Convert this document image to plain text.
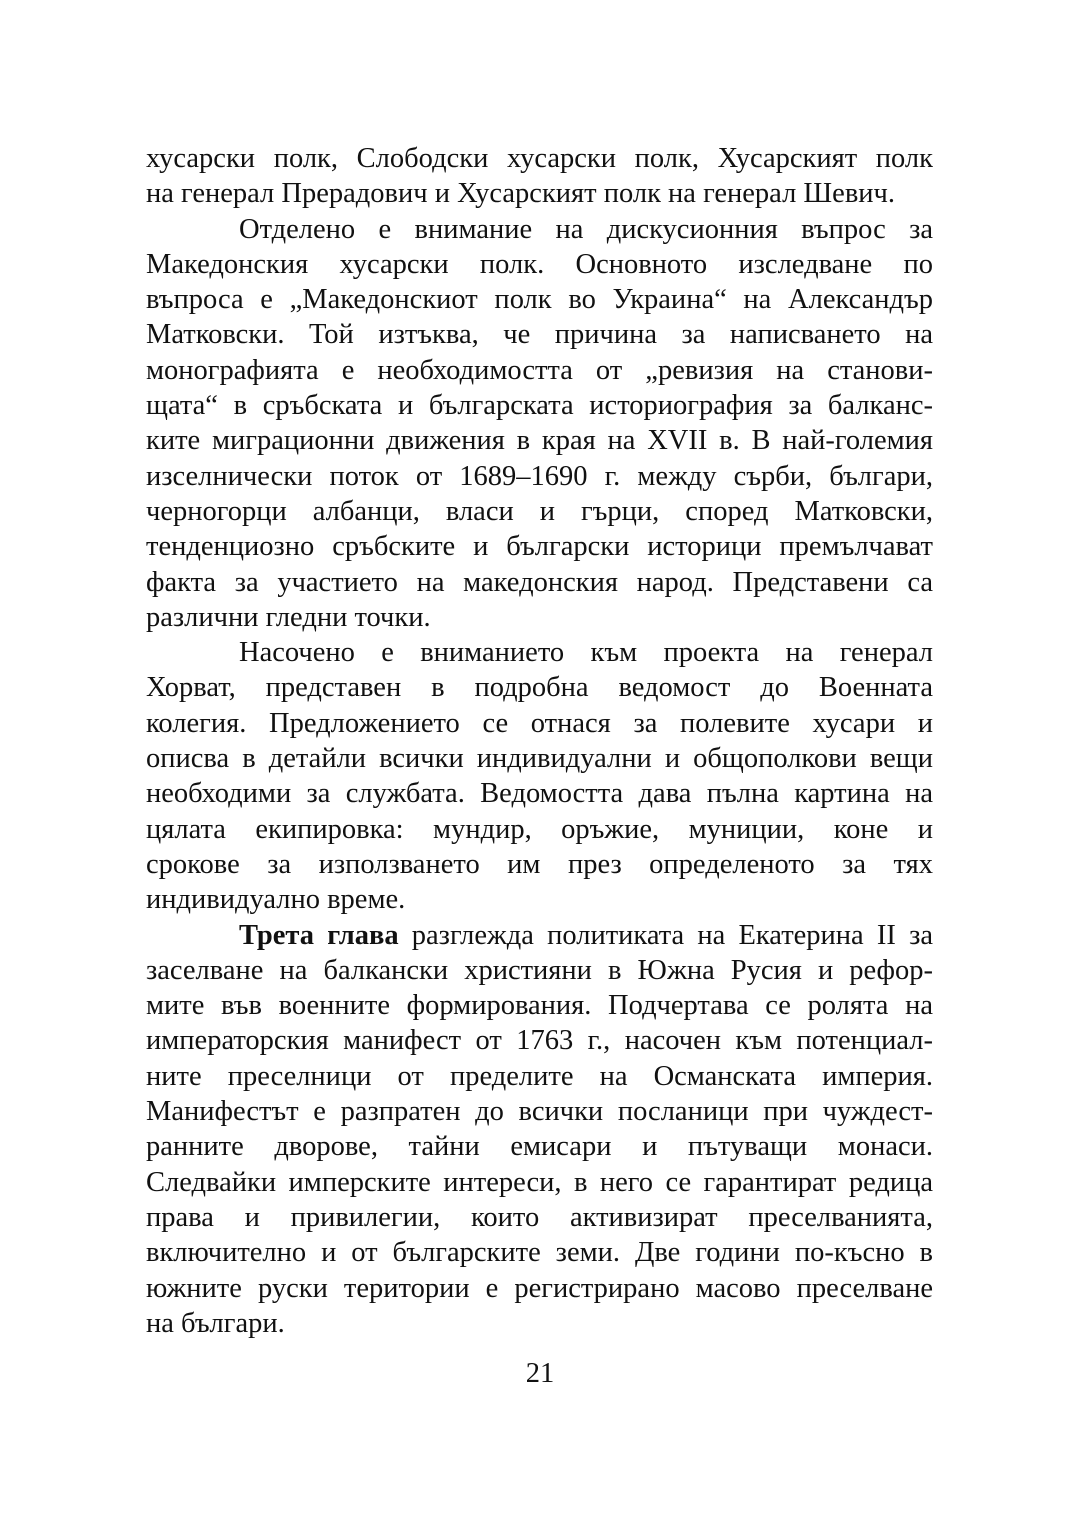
хусарски полк, Слободски хусарски полк, Хусарският полк
на генерал Прерадович и Хусарският полк на генерал Шевич.

Отделено е внимание на дискусионния въпрос за
Македонския хусарски полк. Основното изследване по
въпроса е „Македонскиот полк во Украина“ на Александър
Матковски. Той изтъква, че причина за написването на
монографията е необходимостта от „ревизия на станови-
щата“ в сръбската и българската историография за балканс-
ките миграционни движения в края на XVII в. В най-големия
изселнически поток от 1689–1690 г. между сърби, българи,
черногорци албанци, власи и гърци, според Матковски,
тенденциозно сръбските и български историци премълчават
факта за участието на македонския народ. Представени са
различни гледни точки.

Насочено е вниманието към проекта на генерал
Хорват, представен в подробна ведомост до Военната
колегия. Предложението се отнася за полевите хусари и
описва в детайли всички индивидуални и общополкови вещи
необходими за службата. Ведомостта дава пълна картина на
цялата екипировка: мундир, оръжие, муниции, коне и
срокове за използването им през определеното за тях
индивидуално време.

Трета глава разглежда политиката на Екатерина II за
заселване на балкански християни в Южна Русия и рефор-
мите във военните формирования. Подчертава се ролята на
императорския манифест от 1763 г., насочен към потенциал-
ните преселници от пределите на Османската империя.
Манифестът е разпратен до всички посланици при чуждест-
ранните дворове, тайни емисари и пътуващи монаси.
Следвайки имперските интереси, в него се гарантират редица
права и привилегии, които активизират преселванията,
включително и от българските земи. Две години по-късно в
южните руски територии е регистрирано масово преселване
на българи.

21
